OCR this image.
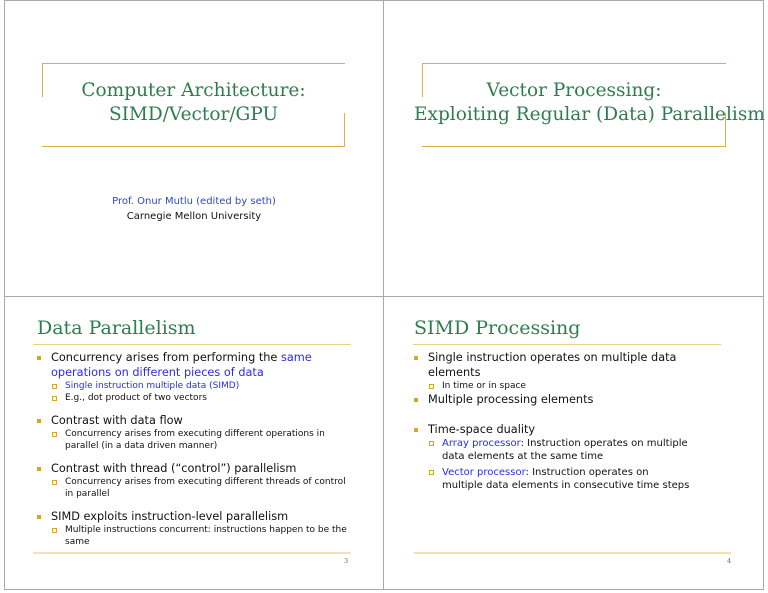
Computer Architecture:
SIMD/Vector/GPU
Prof. Onur Mutlu (edited by seth)
Carnegie Mellon University
Vector Processing:
Exploiting Regular (Data) Parallelism
Data Parallelism
Concurrency arises from performing the same operations on different pieces of data
Single instruction multiple data (SIMD)
E.g., dot product of two vectors
Contrast with data flow
Concurrency arises from executing different operations in parallel (in a data driven manner)
Contrast with thread (“control”) parallelism
Concurrency arises from executing different threads of control in parallel
SIMD exploits instruction-level parallelism
Multiple instructions concurrent: instructions happen to be the same
3
SIMD Processing
Single instruction operates on multiple data elements
In time or in space
Multiple processing elements
Time-space duality
Array processor: Instruction operates on multiple data elements at the same time
Vector processor: Instruction operates on multiple data elements in consecutive time steps
4
